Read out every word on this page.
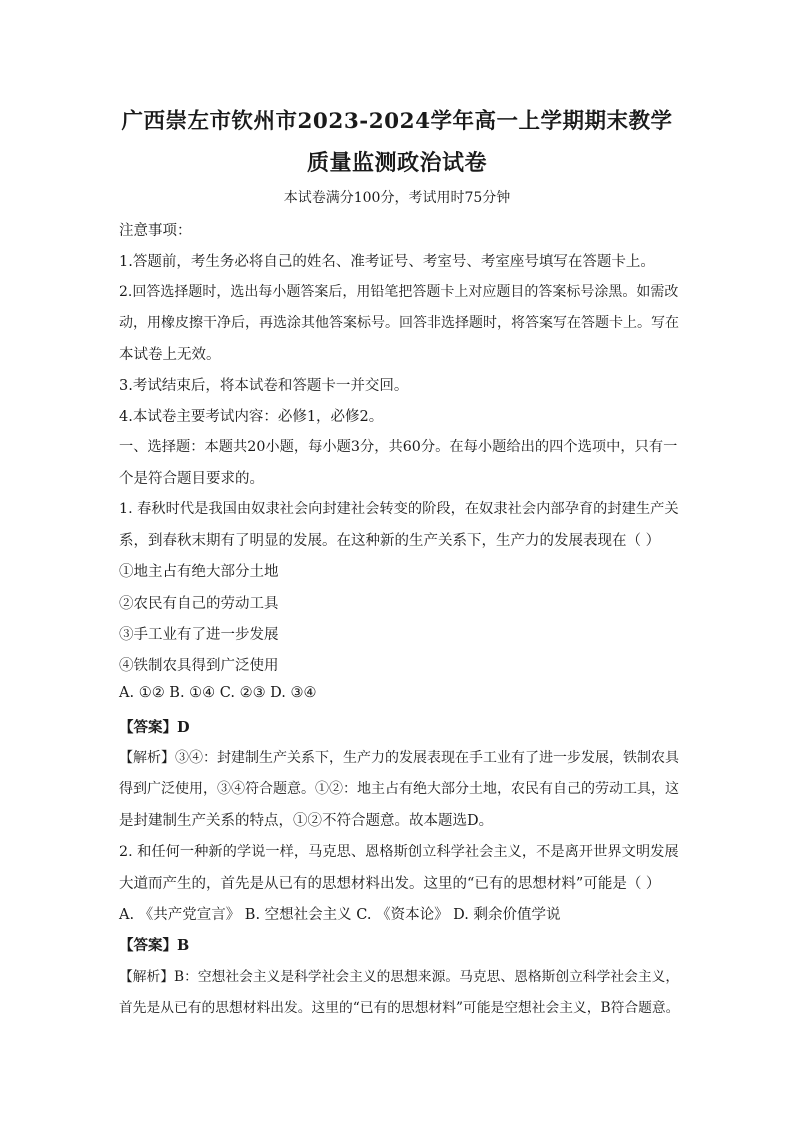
广西崇左市钦州市2023-2024学年高一上学期期末教学
质量监测政治试卷
本试卷满分100分，考试用时75分钟
注意事项：
1.答题前，考生务必将自己的姓名、准考证号、考室号、考室座号填写在答题卡上。
2.回答选择题时，选出每小题答案后，用铅笔把答题卡上对应题目的答案标号涂黑。如需改
动，用橡皮擦干净后，再选涂其他答案标号。回答非选择题时，将答案写在答题卡上。写在
本试卷上无效。
3.考试结束后，将本试卷和答题卡一并交回。
4.本试卷主要考试内容：必修1，必修2。
一、选择题：本题共20小题，每小题3分，共60分。在每小题给出的四个选项中，只有一
个是符合题目要求的。
1. 春秋时代是我国由奴隶社会向封建社会转变的阶段，在奴隶社会内部孕育的封建生产关
系，到春秋末期有了明显的发展。在这种新的生产关系下，生产力的发展表现在（ ）
①地主占有绝大部分土地
②农民有自己的劳动工具
③手工业有了进一步发展
④铁制农具得到广泛使用
A. ①② B. ①④ C. ②③ D. ③④
【答案】D
【解析】③④：封建制生产关系下，生产力的发展表现在手工业有了进一步发展，铁制农具
得到广泛使用，③④符合题意。①②：地主占有绝大部分土地，农民有自己的劳动工具，这
是封建制生产关系的特点，①②不符合题意。故本题选D。
2. 和任何一种新的学说一样，马克思、恩格斯创立科学社会主义，不是离开世界文明发展
大道而产生的，首先是从已有的思想材料出发。这里的“已有的思想材料”可能是（ ）
A. 《共产党宣言》 B. 空想社会主义 C. 《资本论》 D. 剩余价值学说
【答案】B
【解析】B：空想社会主义是科学社会主义的思想来源。马克思、恩格斯创立科学社会主义，
首先是从已有的思想材料出发。这里的“已有的思想材料”可能是空想社会主义，B符合题意。
